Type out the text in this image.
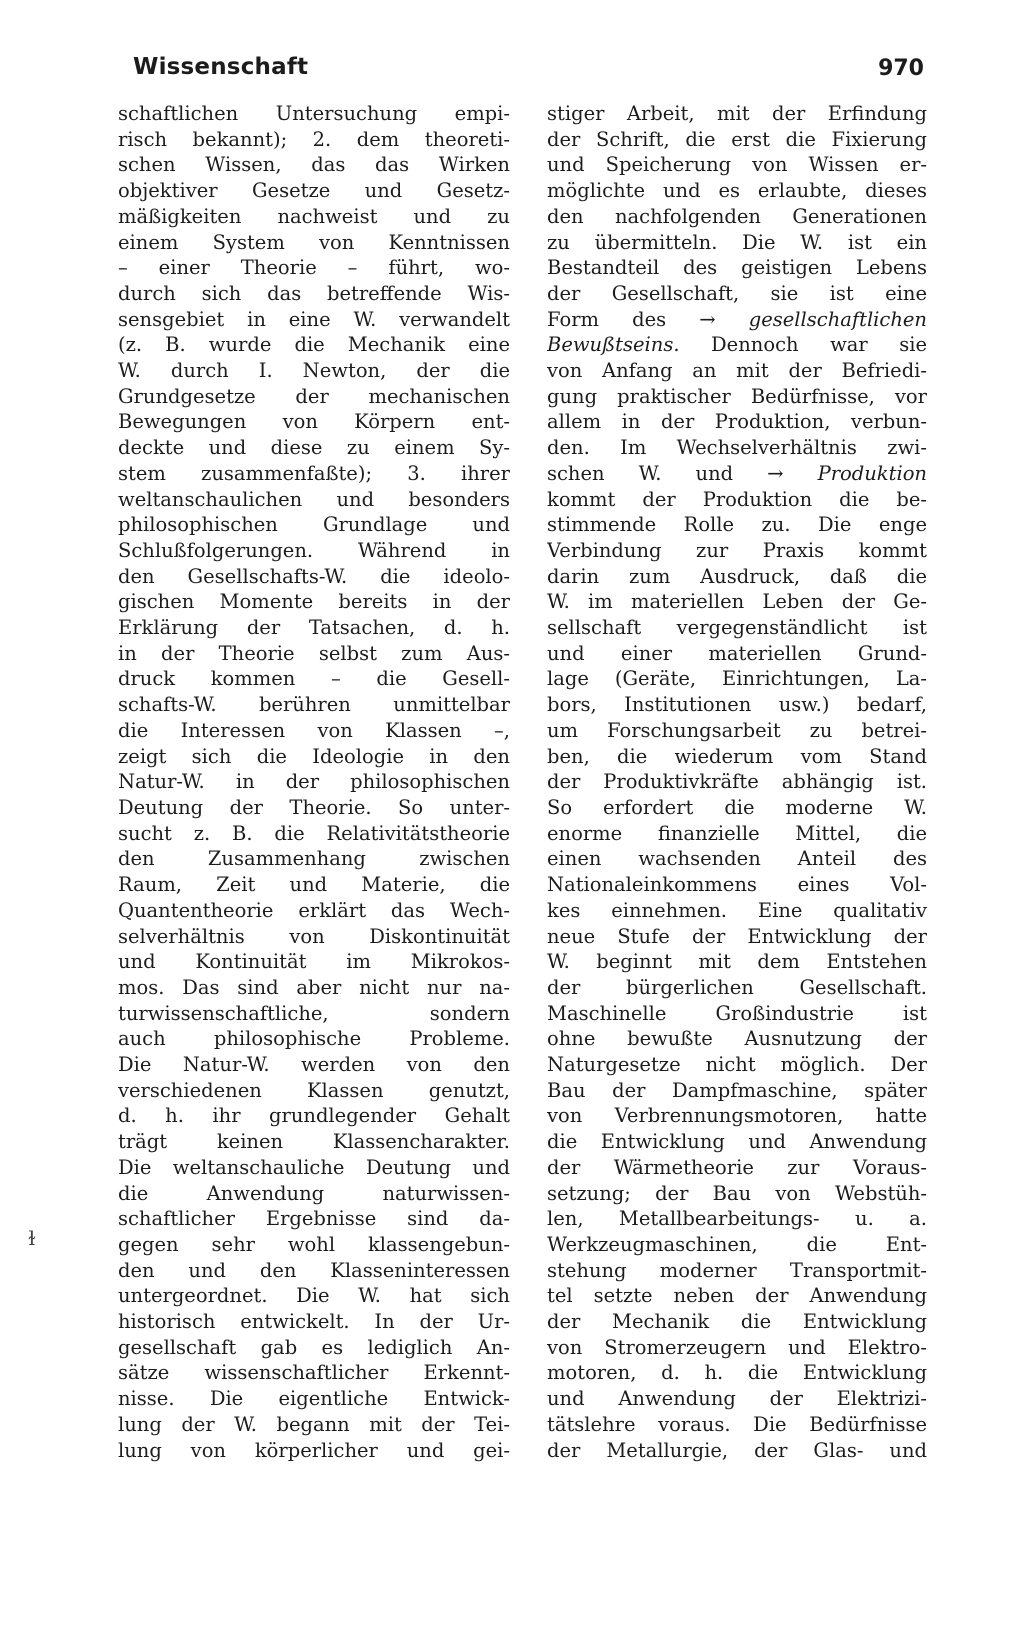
Wissenschaft	970
schaftlichen Untersuchung empi-
risch bekannt); 2. dem theoreti-
schen Wissen, das das Wirken
objektiver Gesetze und Gesetz-
mäßigkeiten nachweist und zu
einem System von Kenntnissen
– einer Theorie – führt, wo-
durch sich das betreffende Wis-
sensgebiet in eine W. verwandelt
(z. B. wurde die Mechanik eine
W. durch I. Newton, der die
Grundgesetze der mechanischen
Bewegungen von Körpern ent-
deckte und diese zu einem Sy-
stem zusammenfaßte); 3. ihrer
weltanschaulichen und besonders
philosophischen Grundlage und
Schlußfolgerungen. Während in
den Gesellschafts-W. die ideolo-
gischen Momente bereits in der
Erklärung der Tatsachen, d. h.
in der Theorie selbst zum Aus-
druck kommen – die Gesell-
schafts-W. berühren unmittelbar
die Interessen von Klassen –,
zeigt sich die Ideologie in den
Natur-W. in der philosophischen
Deutung der Theorie. So unter-
sucht z. B. die Relativitätstheorie
den Zusammenhang zwischen
Raum, Zeit und Materie, die
Quantentheorie erklärt das Wech-
selverhältnis von Diskontinuität
und Kontinuität im Mikrokos-
mos. Das sind aber nicht nur na-
turwissenschaftliche, sondern
auch philosophische Probleme.
Die Natur-W. werden von den
verschiedenen Klassen genutzt,
d. h. ihr grundlegender Gehalt
trägt keinen Klassencharakter.
Die weltanschauliche Deutung und
die Anwendung naturwissen-
schaftlicher Ergebnisse sind da-
gegen sehr wohl klassengebun-
den und den Klasseninteressen
untergeordnet. Die W. hat sich
historisch entwickelt. In der Ur-
gesellschaft gab es lediglich An-
sätze wissenschaftlicher Erkennt-
nisse. Die eigentliche Entwick-
lung der W. begann mit der Tei-
lung von körperlicher und gei-
stiger Arbeit, mit der Erfindung
der Schrift, die erst die Fixierung
und Speicherung von Wissen er-
möglichte und es erlaubte, dieses
den nachfolgenden Generationen
zu übermitteln. Die W. ist ein
Bestandteil des geistigen Lebens
der Gesellschaft, sie ist eine
Form des → gesellschaftlichen
Bewußtseins. Dennoch war sie
von Anfang an mit der Befriedi-
gung praktischer Bedürfnisse, vor
allem in der Produktion, verbun-
den. Im Wechselverhältnis zwi-
schen W. und → Produktion
kommt der Produktion die be-
stimmende Rolle zu. Die enge
Verbindung zur Praxis kommt
darin zum Ausdruck, daß die
W. im materiellen Leben der Ge-
sellschaft vergegenständlicht ist
und einer materiellen Grund-
lage (Geräte, Einrichtungen, La-
bors, Institutionen usw.) bedarf,
um Forschungsarbeit zu betrei-
ben, die wiederum vom Stand
der Produktivkräfte abhängig ist.
So erfordert die moderne W.
enorme finanzielle Mittel, die
einen wachsenden Anteil des
Nationaleinkommens eines Vol-
kes einnehmen. Eine qualitativ
neue Stufe der Entwicklung der
W. beginnt mit dem Entstehen
der bürgerlichen Gesellschaft.
Maschinelle Großindustrie ist
ohne bewußte Ausnutzung der
Naturgesetze nicht möglich. Der
Bau der Dampfmaschine, später
von Verbrennungsmotoren, hatte
die Entwicklung und Anwendung
der Wärmetheorie zur Voraus-
setzung; der Bau von Webstüh-
len, Metallbearbeitungs- u. a.
Werkzeugmaschinen, die Ent-
stehung moderner Transportmit-
tel setzte neben der Anwendung
der Mechanik die Entwicklung
von Stromerzeugern und Elektro-
motoren, d. h. die Entwicklung
und Anwendung der Elektrizi-
tätslehre voraus. Die Bedürfnisse
der Metallurgie, der Glas- und
ɫ
